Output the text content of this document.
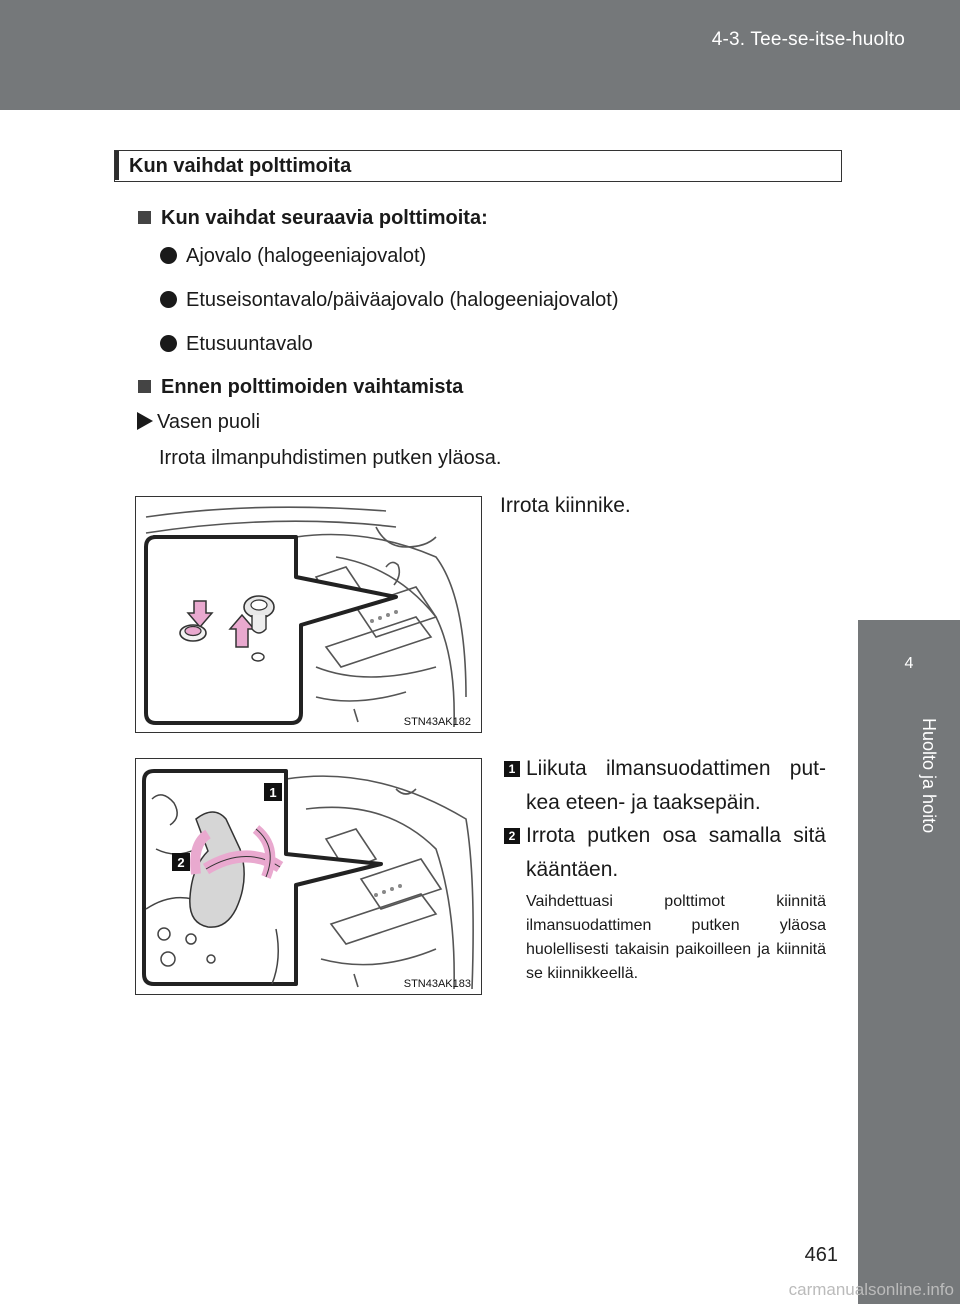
4-3. Tee-se-itse-huolto
4
Huolto ja hoito
Kun vaihdat polttimoita
Kun vaihdat seuraavia polttimoita:
Ajovalo (halogeeniajovalot)
Etuseisontavalo/päiväajovalo (halogeeniajovalot)
Etusuuntavalo
Ennen polttimoiden vaihtamista
Vasen puoli
Irrota ilmanpuhdistimen putken yläosa.
STN43AK182
Irrota kiinnike.
1
2
STN43AK183
1 Liikuta ilmansuodattimen put-kea eteen- ja taaksepäin.
2 Irrota putken osa samalla sitä kääntäen.
Vaihdettuasi polttimot kiinnitä ilmansuodattimen putken yläosa huolellisesti takaisin paikoilleen ja kiinnitä se kiinnikkeellä.
461
carmanualsonline.info
